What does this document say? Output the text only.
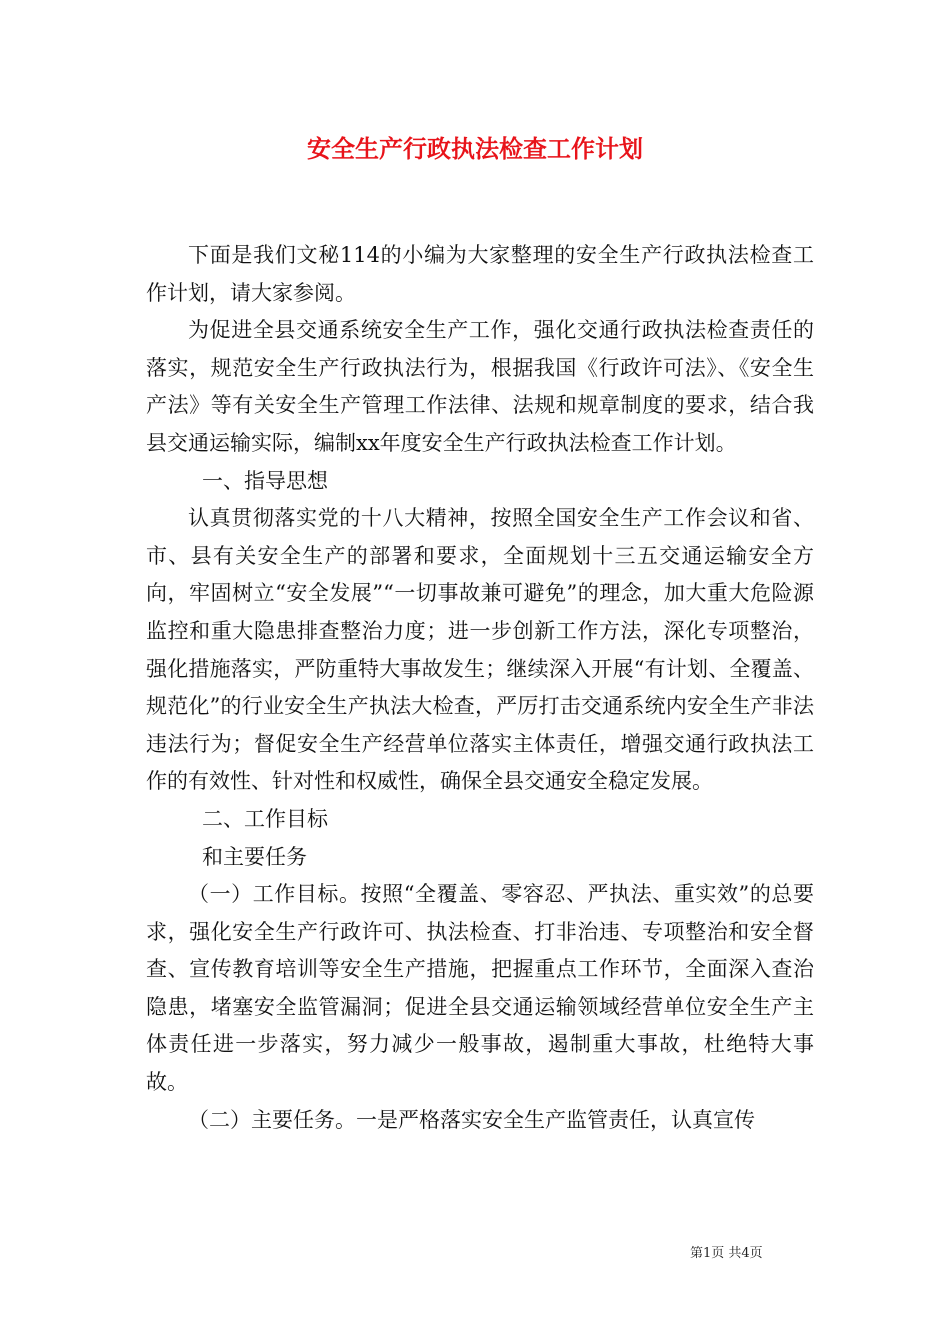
安全生产行政执法检查工作计划

下面是我们文秘114的小编为大家整理的安全生产行政执法检查工作计划，请大家参阅。

为促进全县交通系统安全生产工作，强化交通行政执法检查责任的落实，规范安全生产行政执法行为，根据我国《行政许可法》、《安全生产法》等有关安全生产管理工作法律、法规和规章制度的要求，结合我县交通运输实际，编制xx年度安全生产行政执法检查工作计划。

一、指导思想

认真贯彻落实党的十八大精神，按照全国安全生产工作会议和省、市、县有关安全生产的部署和要求，全面规划十三五交通运输安全方向，牢固树立“安全发展”“一切事故兼可避免”的理念，加大重大危险源监控和重大隐患排查整治力度；进一步创新工作方法，深化专项整治，强化措施落实，严防重特大事故发生；继续深入开展“有计划、全覆盖、规范化”的行业安全生产执法大检查，严厉打击交通系统内安全生产非法违法行为；督促安全生产经营单位落实主体责任，增强交通行政执法工作的有效性、针对性和权威性，确保全县交通安全稳定发展。

二、工作目标

和主要任务

（一）工作目标。按照“全覆盖、零容忍、严执法、重实效”的总要求，强化安全生产行政许可、执法检查、打非治违、专项整治和安全督查、宣传教育培训等安全生产措施，把握重点工作环节，全面深入查治隐患，堵塞安全监管漏洞；促进全县交通运输领域经营单位安全生产主体责任进一步落实，努力减少一般事故，遏制重大事故，杜绝特大事故。

（二）主要任务。一是严格落实安全生产监管责任，认真宣传

第1页 共4页
